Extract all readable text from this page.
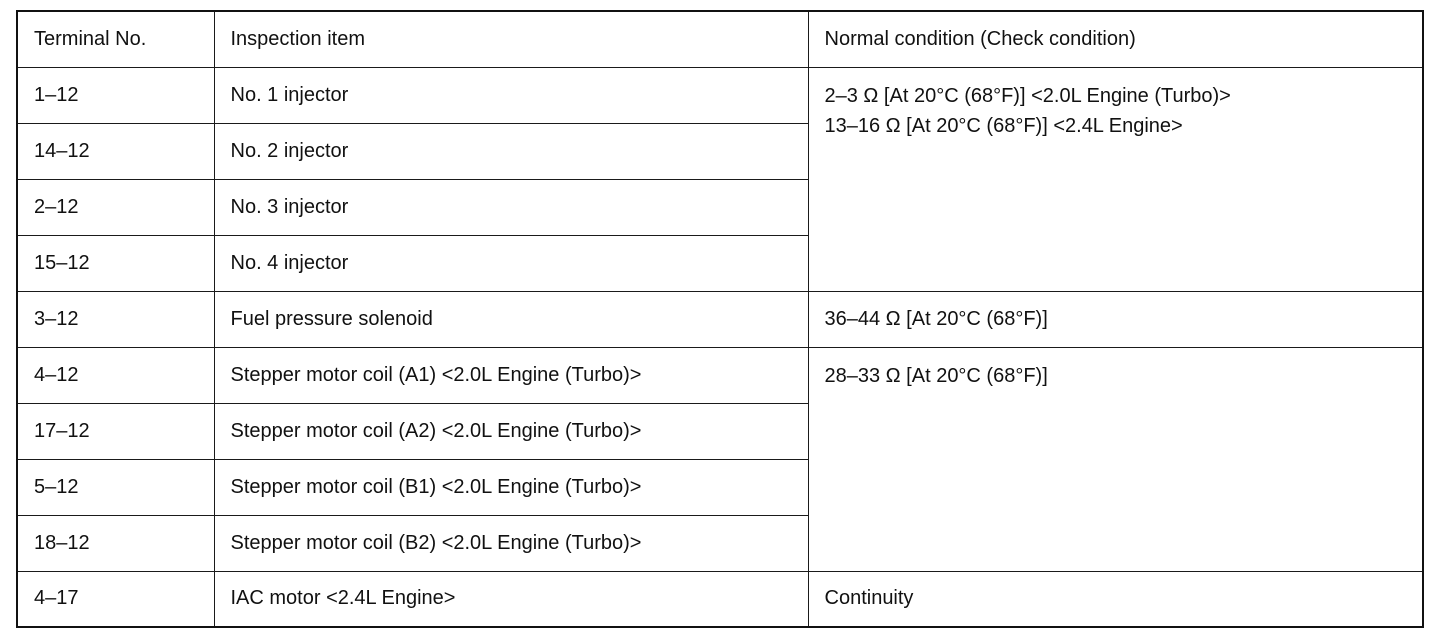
Terminal No.	Inspection item	Normal condition (Check condition)
1–12	No. 1 injector	2–3 Ω [At 20°C (68°F)] <2.0L Engine (Turbo)>
13–16 Ω [At 20°C (68°F)] <2.4L Engine>

14–12	No. 2 injector	
2–12	No. 3 injector	
15–12	No. 4 injector	
3–12	Fuel pressure solenoid	36–44 Ω [At 20°C (68°F)]
4–12	Stepper motor coil (A1) <2.0L Engine (Turbo)>	28–33 Ω [At 20°C (68°F)]
17–12	Stepper motor coil (A2) <2.0L Engine (Turbo)>	
5–12	Stepper motor coil (B1) <2.0L Engine (Turbo)>	
18–12	Stepper motor coil (B2) <2.0L Engine (Turbo)>	
4–17	IAC motor <2.4L Engine>	Continuity
